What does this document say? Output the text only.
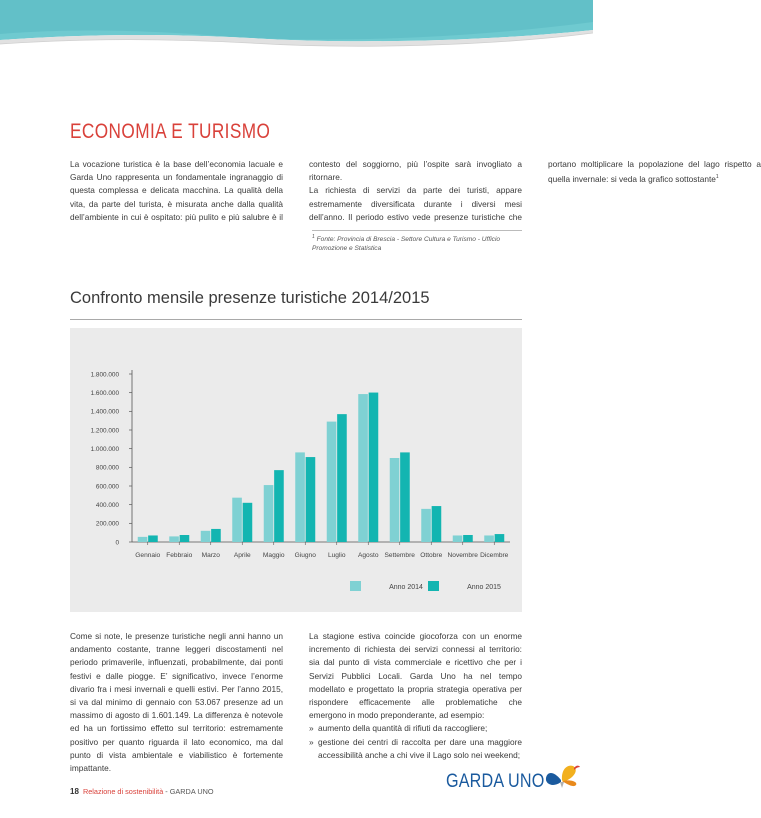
ECONOMIA E TURISMO

La vocazione turistica è la base dell’economia lacuale e Garda Uno rappresenta un fondamentale ingranaggio di questa complessa e delicata macchina. La qualità della vita, da parte del turista, è misurata anche dalla qualità dell’ambiente in cui è ospitato: più pulito e più salubre è il contesto del soggiorno, più l’ospite sarà invogliato a ritornare.

La richiesta di servizi da parte dei turisti, appare estremamente diversificata durante i diversi mesi dell’anno. Il periodo estivo vede presenze turistiche che portano moltiplicare la popolazione del lago rispetto a quella invernale: si veda la grafico sottostante$^1$

$^1$ Fonte: Provincia di Brescia - Settore Cultura e Turismo - Ufficio Promozione e Statistica

Confronto mensile presenze turistiche 2014/2015
0
200.000
400.000
600.000
800.000
1.000.000
1.200.000
1.400.000
1.600.000
1.800.000
Gennaio Febbraio Marzo Aprile Maggio Giugno Luglio Agosto Settembre Ottobre Novembre Dicembre
Anno 2014	Anno 2015
Come si note, le presenze turistiche negli anni hanno un andamento costante, tranne leggeri discostamenti nel periodo primaverile, influenzati, probabilmente, dai ponti festivi e dalle piogge. E’ significativo, invece l’enorme divario fra i mesi invernali e quelli estivi. Per l’anno 2015, si va dal minimo di gennaio con 53.067 presenze ad un massimo di agosto di 1.601.149. La differenza è notevole ed ha un fortissimo effetto sul territorio: estremamente positivo per quanto riguarda il lato economico, ma dal punto di vista ambientale e viabilistico è fortemente impattante.

La stagione estiva coincide giocoforza con un enorme incremento di richiesta dei servizi connessi al territorio: sia dal punto di vista commerciale e ricettivo che per i Servizi Pubblici Locali. Garda Uno ha nel tempo modellato e progettato la propria strategia operativa per rispondere efficacemente alle problematiche che emergono in modo preponderante, ad esempio:

» aumento della quantità di rifiuti da raccogliere;
» gestione dei centri di raccolta per dare una maggiore accessibilità anche a chi vive il Lago solo nei weekend;
18 Relazione di sostenibilità - GARDA UNO	GARDA UNO
